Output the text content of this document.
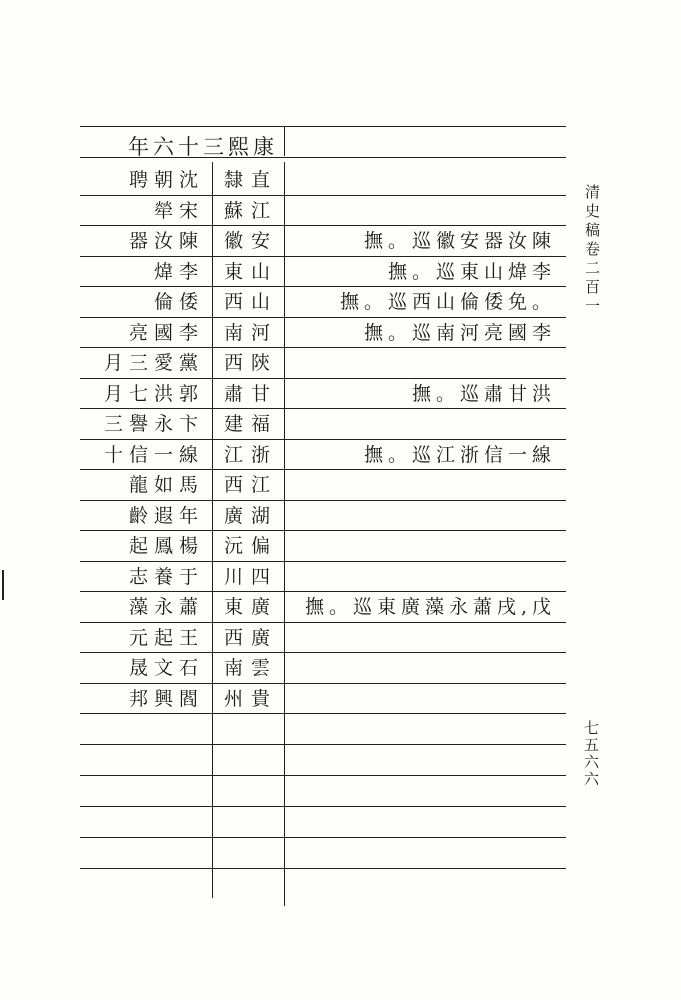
年六十三熙康
聘朝沈	隸直
犖宋	蘇江
器汝陳	徽安	撫。巡徽安器汝陳
煒李	東山	撫。巡東山煒李
倫倭	西山	撫。巡西山倫倭免。
亮國李	南河	撫。巡南河亮國李
月三愛黨	西陝
月七洪郭	肅甘	撫。巡肅甘洪
三譽永卞	建福
十信一線	江浙	撫。巡江浙信一線
龍如馬	西江
齡遐年	廣湖
起鳳楊	沅偏
志養于	川四
藻永蕭	東廣	撫。巡東廣藻永蕭戌,戊
元起王	西廣
晟文石	南雲
邦興閻	州貴
清史稿卷二百一
七五六六
